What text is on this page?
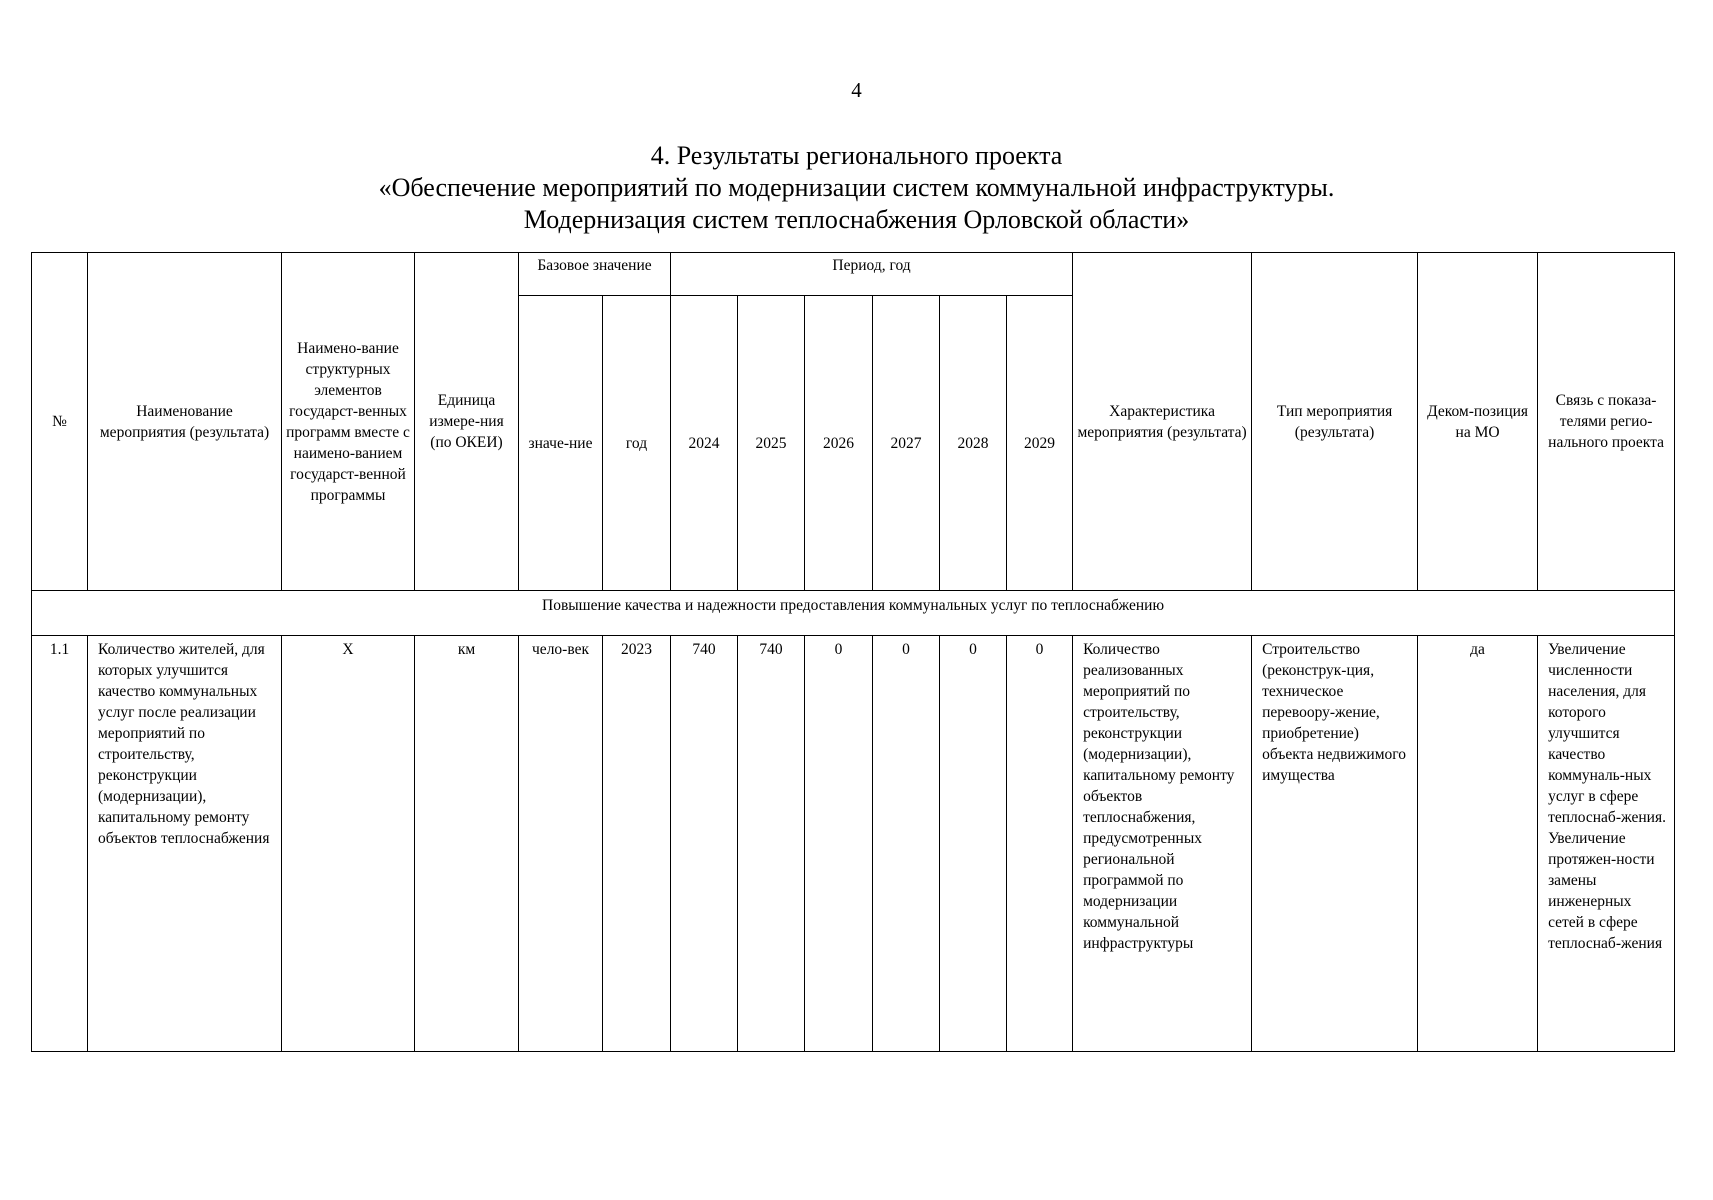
4
4. Результаты регионального проекта
«Обеспечение мероприятий по модернизации систем коммунальной инфраструктуры.
Модернизация систем теплоснабжения Орловской области»
№	Наименование мероприятия (результата)	Наимено-вание структурных элементов государст-венных программ вместе с наимено-ванием государст-венной программы	Единица измере-ния (по ОКЕИ)	Базовое значение		Период, год						Характеристика мероприятия (результата)	Тип мероприятия (результата)	Деком-позиция на МО	Связь с показа-телями регио-нального проекта
				значе-ние	год	2024	2025	2026	2027	2028	2029				
Повышение качества и надежности предоставления коммунальных услуг по теплоснабжению															
1.1	Количество жителей, для которых улучшится качество коммунальных услуг после реализации мероприятий по строительству, реконструкции (модернизации), капитальному ремонту объектов теплоснабжения	Х	км	чело-век	2023	740	740	0	0	0	0	Количество реализованных мероприятий по строительству, реконструкции (модернизации), капитальному ремонту объектов теплоснабжения, предусмотренных региональной программой по модернизации коммунальной инфраструктуры	Строительство (реконструк-ция, техническое перевоору-жение, приобретение) объекта недвижимого имущества	да	Увеличение численности населения, для которого улучшится качество коммуналь-ных услуг в сфере теплоснаб-жения. Увеличение протяжен-ности замены инженерных сетей в сфере теплоснаб-жения
